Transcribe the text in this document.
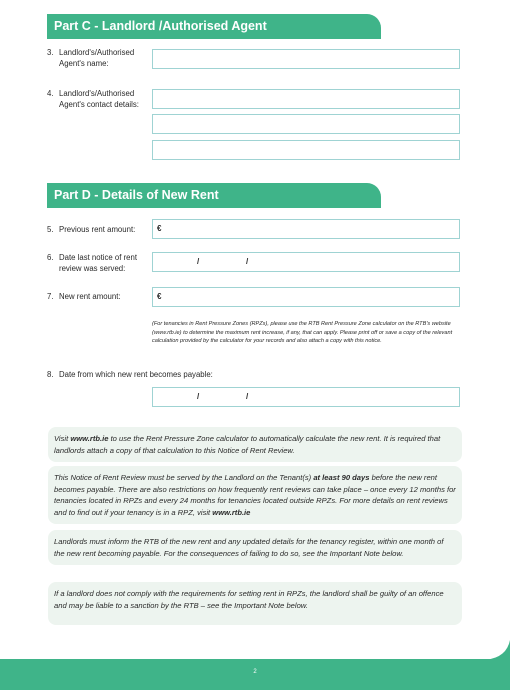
Part C - Landlord /Authorised Agent
3. Landlord's/Authorised
Agent's name:
4. Landlord's/Authorised
Agent's contact details:
Part D - Details of New Rent
5. Previous rent amount:	€
6. Date last notice of rent
review was served:
/	/
7. New rent amount:	€
(For tenancies in Rent Pressure Zones (RPZs), please use the RTB Rent Pressure Zone calculator on the RTB's website (www.rtb.ie) to determine the maximum rent increase, if any, that can apply. Please print off or save a copy of the relevant calculation provided by the calculator for your records and also attach a copy with this notice.
8. Date from which new rent becomes payable:
/	/
Visit www.rtb.ie to use the Rent Pressure Zone calculator to automatically calculate the new rent. It is required that landlords attach a copy of that calculation to this Notice of Rent Review.
This Notice of Rent Review must be served by the Landlord on the Tenant(s) at least 90 days before the new rent becomes payable. There are also restrictions on how frequently rent reviews can take place – once every 12 months for tenancies located in RPZs and every 24 months for tenancies located outside RPZs. For more details on rent reviews and to find out if your tenancy is in a RPZ, visit www.rtb.ie
Landlords must inform the RTB of the new rent and any updated details for the tenancy register, within one month of the new rent becoming payable. For the consequences of failing to do so, see the Important Note below.
If a landlord does not comply with the requirements for setting rent in RPZs, the landlord shall be guilty of an offence and may be liable to a sanction by the RTB – see the Important Note below.
2
